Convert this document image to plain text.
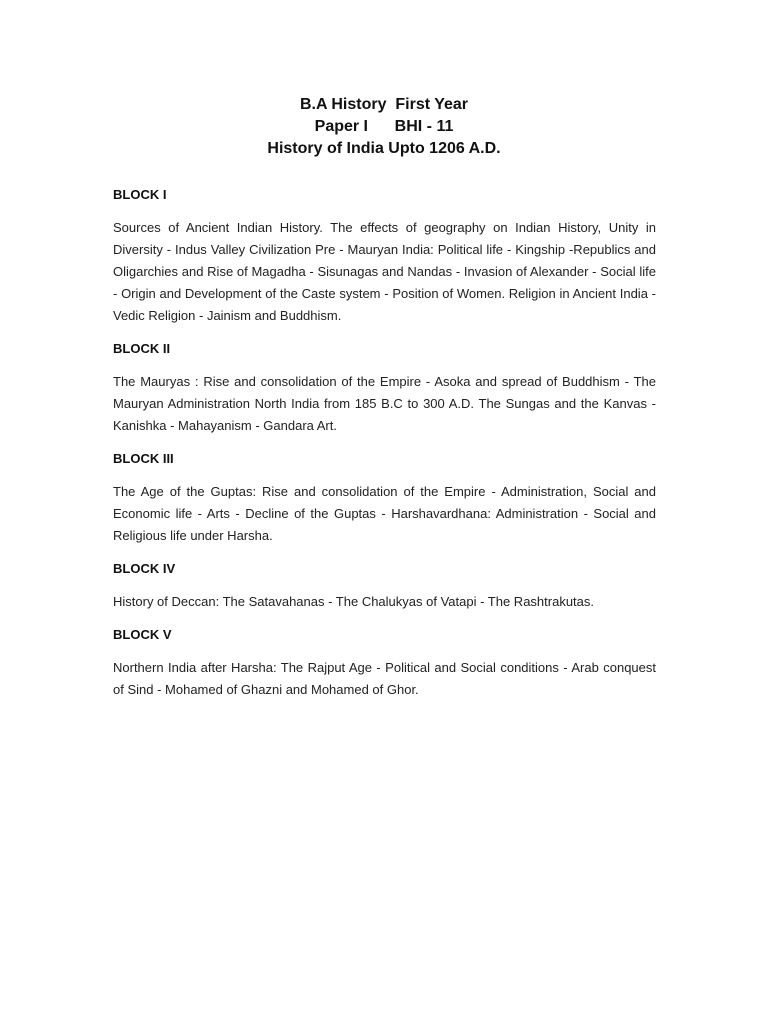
B.A History  First Year
Paper I      BHI - 11
History of India Upto 1206 A.D.
BLOCK I
Sources of Ancient Indian History. The effects of geography on Indian History, Unity in Diversity - Indus Valley Civilization Pre - Mauryan India: Political life - Kingship -Republics and Oligarchies and Rise of Magadha - Sisunagas and Nandas - Invasion of Alexander - Social life - Origin and Development of the Caste system - Position of Women. Religion in Ancient India - Vedic Religion - Jainism and Buddhism.
BLOCK II
The Mauryas : Rise and consolidation of the Empire - Asoka and spread of Buddhism - The Mauryan Administration North India from 185 B.C to 300 A.D. The Sungas and the Kanvas - Kanishka - Mahayanism - Gandara Art.
BLOCK III
The Age of the Guptas: Rise and consolidation of the Empire - Administration, Social and Economic life - Arts - Decline of the Guptas - Harshavardhana: Administration - Social and Religious life under Harsha.
BLOCK IV
History of Deccan: The Satavahanas - The Chalukyas of Vatapi - The Rashtrakutas.
BLOCK V
Northern India after Harsha: The Rajput Age - Political and Social conditions - Arab conquest of Sind - Mohamed of Ghazni and Mohamed of Ghor.
